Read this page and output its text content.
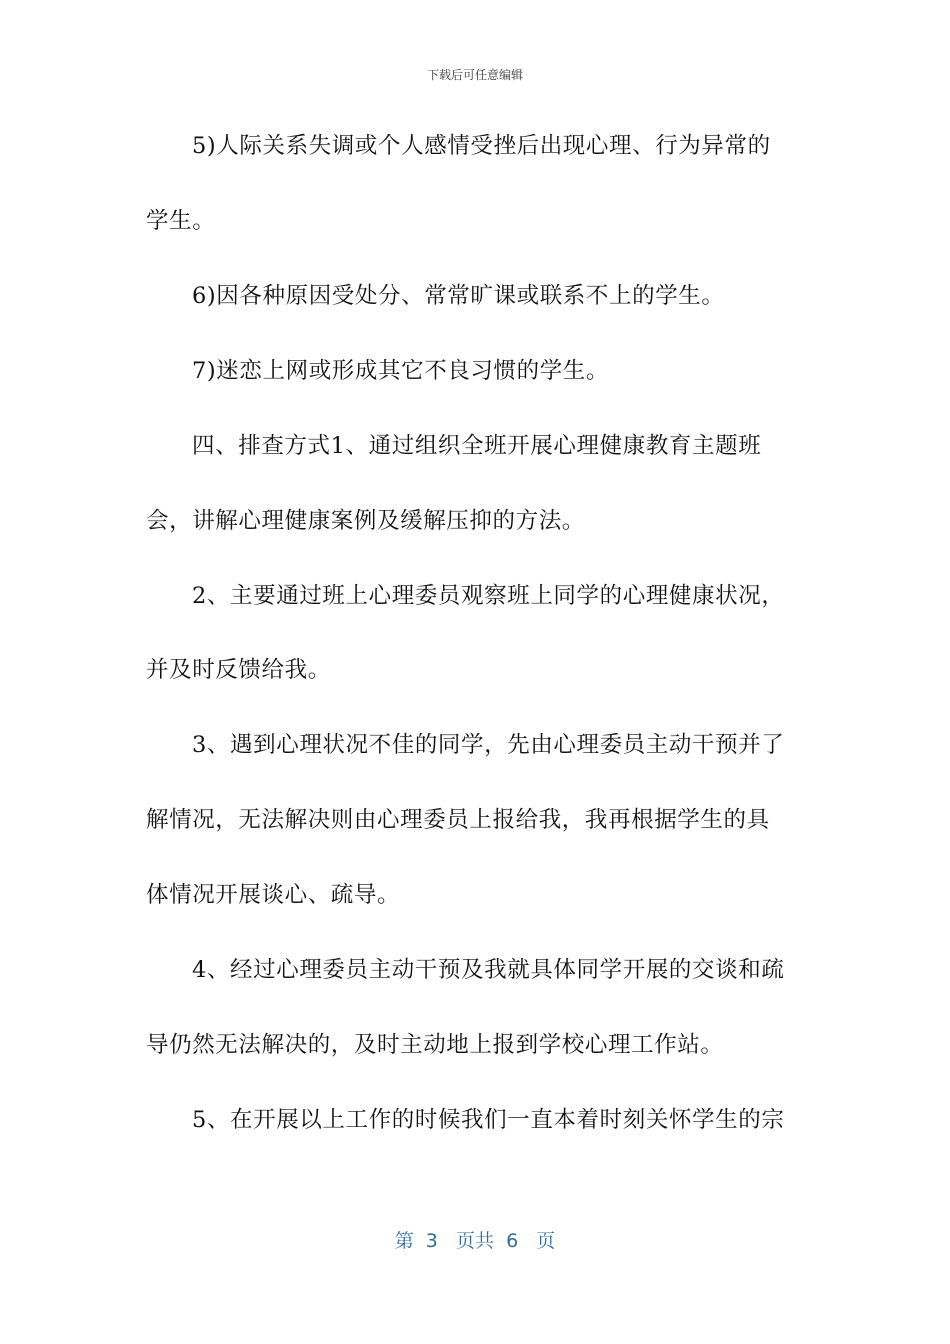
下载后可任意编辑
5)人际关系失调或个人感情受挫后出现心理、行为异常的
学生。
6)因各种原因受处分、常常旷课或联系不上的学生。
7)迷恋上网或形成其它不良习惯的学生。
四、排查方式1、通过组织全班开展心理健康教育主题班
会，讲解心理健康案例及缓解压抑的方法。
2、主要通过班上心理委员观察班上同学的心理健康状况，
并及时反馈给我。
3、遇到心理状况不佳的同学，先由心理委员主动干预并了
解情况，无法解决则由心理委员上报给我，我再根据学生的具
体情况开展谈心、疏导。
4、经过心理委员主动干预及我就具体同学开展的交谈和疏
导仍然无法解决的，及时主动地上报到学校心理工作站。
5、在开展以上工作的时候我们一直本着时刻关怀学生的宗
第  3   页共  6   页
